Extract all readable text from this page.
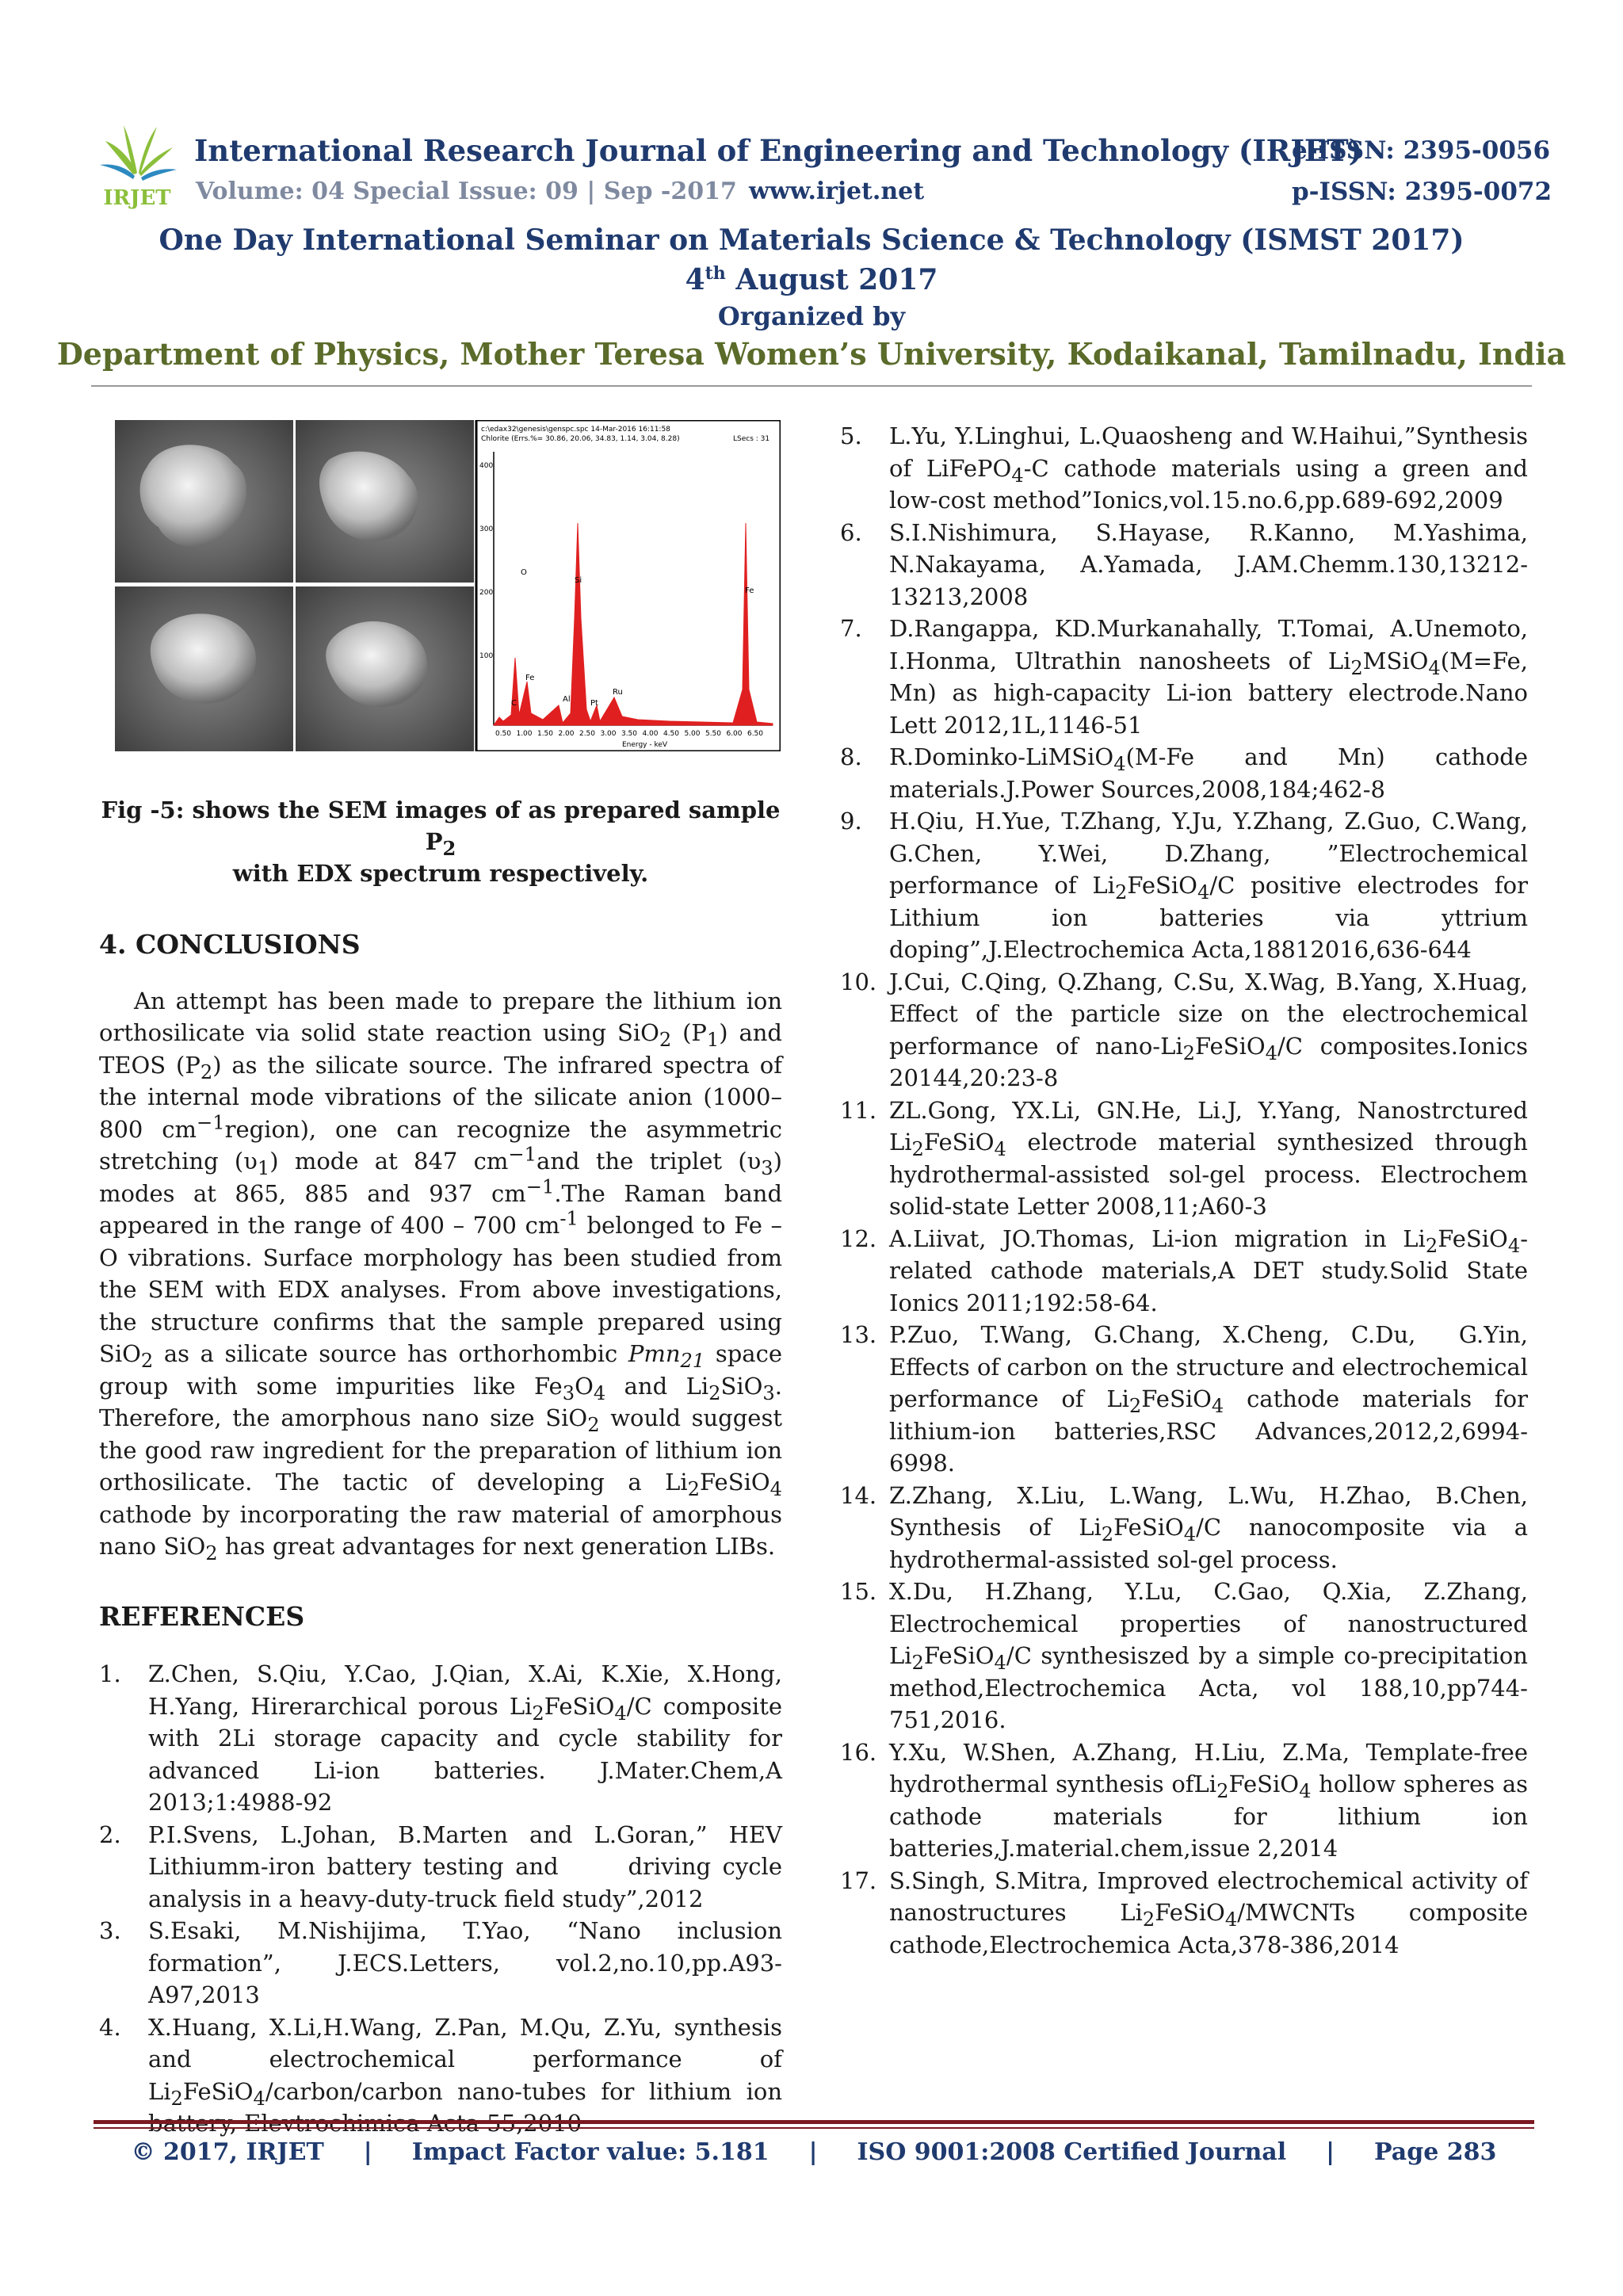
IRJET
International Research Journal of Engineering and Technology (IRJET)
e-ISSN: 2395-0056
Volume: 04 Special Issue: 09 | Sep -2017 www.irjet.net	p-ISSN: 2395-0072
One Day International Seminar on Materials Science & Technology (ISMST 2017)
4th August 2017
Organized by
Department of Physics, Mother Teresa Women’s University, Kodaikanal, Tamilnadu, India
c:\edax32\genesis\genspc.spc 14-Mar-2016 16:11:58
Chlorite (Errs.%= 30.86, 20.06, 34.83, 1.14, 3.04, 8.28)	LSecs : 31
400
300
200
100
0.50 1.00 1.50 2.00 2.50 3.00 3.50 4.00 4.50 5.00 5.50 6.00 6.50
O
Si
Fe
Fe
C	Al	Pt
Ru
Energy - keV
Fig -5: shows the SEM images of as prepared sample $P_2$
with EDX spectrum respectively.
4. CONCLUSIONS
An attempt has been made to prepare the lithium ion orthosilicate via solid state reaction using SiO$_2$ $(P_1)$ and TEOS $(P_2)$ as the silicate source. The infrared spectra of the internal mode vibrations of the silicate anion (1000–800 $cm^{-1}region$), one can recognize the asymmetric stretching $(\upsilon_1)$ mode at 847 $cm^{-1}and$ the triplet $(\upsilon_3)$ modes at 865, 885 and 937 $cm^{-1}.The$ Raman band appeared in the range of 400 – 700 $cm^{-1}$ belonged to Fe – O vibrations. Surface morphology has been studied from the SEM with EDX analyses. From above investigations, the structure confirms that the sample prepared using SiO$_2$ as a silicate source has orthorhombic Pmn$_{21}$ space group with some impurities like $Fe_3O_4$ and $Li_2SiO_3$. Therefore, the amorphous nano size SiO$_2$ would suggest the good raw ingredient for the preparation of lithium ion orthosilicate. The tactic of developing a $Li_2FeSiO_4$ cathode by incorporating the raw material of amorphous nano SiO$_2$ has great advantages for next generation LIBs.
REFERENCES
1. Z.Chen, S.Qiu, Y.Cao, J.Qian, X.Ai, K.Xie, X.Hong, H.Yang, Hirerarchical porous $Li_2FeSiO_4/C$ composite with 2Li storage capacity and cycle stability for advanced Li-ion batteries. J.Mater.Chem,A 2013;1:4988-92
2. P.I.Svens, L.Johan, B.Marten and L.Goran,” HEV Lithiumm-iron battery testing and      driving cycle analysis in a heavy-duty-truck field study”,2012
3. S.Esaki, M.Nishijima, T.Yao, “Nano inclusion formation”, J.ECS.Letters, vol.2,no.10,pp.A93-A97,2013
4. X.Huang, X.Li,H.Wang, Z.Pan, M.Qu, Z.Yu, synthesis and electrochemical performance of $Li_2FeSiO_4/carbon$/carbon nano-tubes for lithium ion
5. L.Yu, Y.Linghui, L.Quaosheng and W.Haihui,”Synthesis of LiFePO$_4$-C cathode materials using a green and low-cost method”Ionics,vol.15.no.6,pp.689-692,2009
6. S.I.Nishimura, S.Hayase, R.Kanno, M.Yashima, N.Nakayama, A.Yamada, J.AM.Chemm.130,13212-13213,2008
7. D.Rangappa, KD.Murkanahally, T.Tomai, A.Unemoto, I.Honma, Ultrathin nanosheets of $Li_2MSiO_4(M=Fe$, Mn) as high-capacity Li-ion battery electrode.Nano Lett 2012,1L,1146-51
8. R.Dominko-LiMSiO$_4$(M-Fe and Mn) cathode materials.J.Power Sources,2008,184;462-8
9. H.Qiu, H.Yue, T.Zhang, Y.Ju, Y.Zhang, Z.Guo, C.Wang, G.Chen, Y.Wei, D.Zhang, ”Electrochemical performance of $Li_2FeSiO_4/C$ positive electrodes for Lithium ion batteries via yttrium doping”,J.Electrochemica Acta,18812016,636-644
10. J.Cui, C.Qing, Q.Zhang, C.Su, X.Wag, B.Yang, X.Huag, Effect of the particle size on the electrochemical performance of nano-$Li_2FeSiO_4/C$ composites.Ionics 20144,20:23-8
11. ZL.Gong, YX.Li, GN.He, Li.J, Y.Yang, Nanostrctured $Li_2FeSiO_4$ electrode material synthesized through hydrothermal-assisted sol-gel process. Electrochem solid-state Letter 2008,11;A60-3
12. A.Liivat, JO.Thomas, Li-ion migration in $Li_2FeSiO_4$-related cathode materials,A DET study.Solid State Ionics 2011;192:58-64.
13. P.Zuo, T.Wang, G.Chang, X.Cheng, C.Du,  G.Yin, Effects of carbon on the structure and electrochemical performance of $Li_2FeSiO_4$ cathode materials for lithium-ion batteries,RSC Advances,2012,2,6994-6998.
14. Z.Zhang, X.Liu, L.Wang, L.Wu, H.Zhao, B.Chen, Synthesis of $Li_2FeSiO_4/C$ nanocomposite via a hydrothermal-assisted sol-gel process.
15. X.Du, H.Zhang, Y.Lu, C.Gao, Q.Xia, Z.Zhang, Electrochemical properties of nanostructured $Li_2FeSiO_4/C$ synthesiszed by a simple co-precipitation method,Electrochemica Acta, vol 188,10,pp744-751,2016.
16. Y.Xu, W.Shen, A.Zhang, H.Liu, Z.Ma, Template-free hydrothermal synthesis ofLi$_2$FeSiO$_4$ hollow spheres as cathode materials for lithium ion batteries,J.material.chem,issue 2,2014
17. S.Singh, S.Mitra, Improved electrochemical activity of nanostructures $Li_2FeSiO_4$/MWCNTs composite cathode,Electrochemica Acta,378-386,2014
© 2017, IRJET | Impact Factor value: 5.181 | ISO 9001:2008 Certified Journal | Page 283
